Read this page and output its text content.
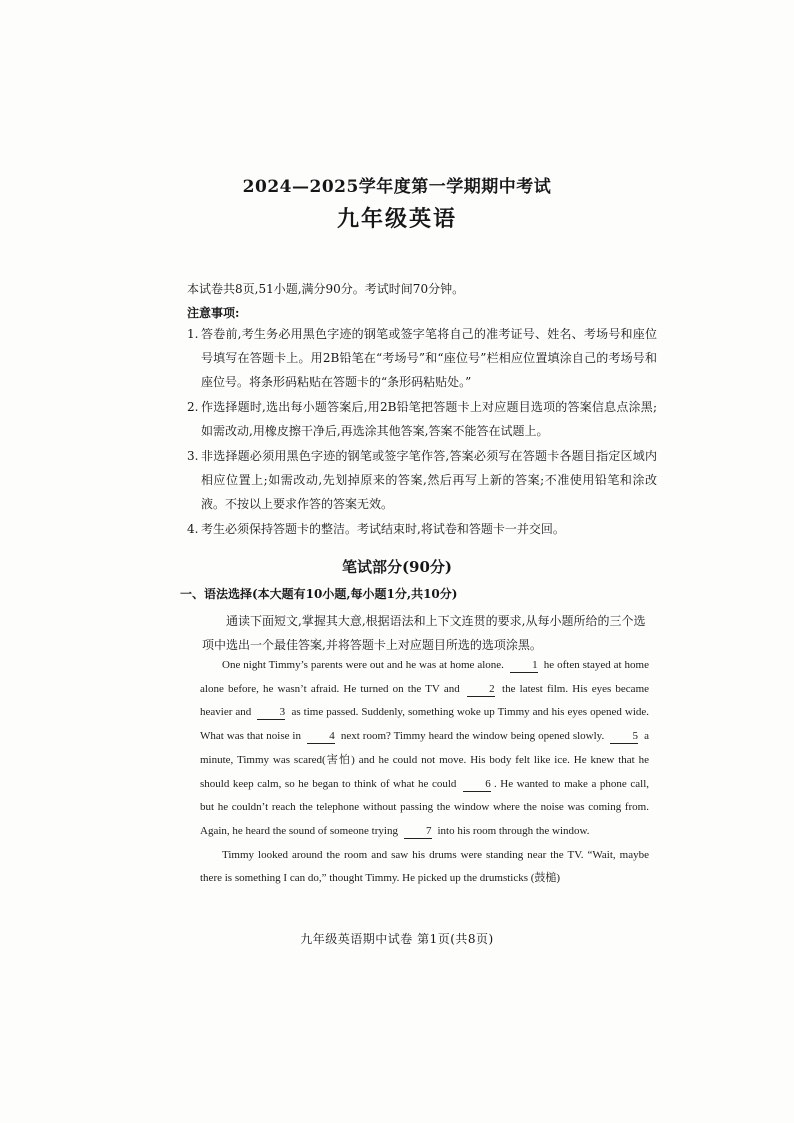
2024—2025学年度第一学期期中考试
九年级英语
本试卷共8页,51小题,满分90分。考试时间70分钟。
注意事项:
1. 答卷前,考生务必用黑色字迹的钢笔或签字笔将自己的准考证号、姓名、考场号和座位号填写在答题卡上。用2B铅笔在“考场号”和“座位号”栏相应位置填涂自己的考场号和座位号。将条形码粘贴在答题卡的“条形码粘贴处。”
2. 作选择题时,选出每小题答案后,用2B铅笔把答题卡上对应题目选项的答案信息点涂黑;如需改动,用橡皮擦干净后,再选涂其他答案,答案不能答在试题上。
3. 非选择题必须用黑色字迹的钢笔或签字笔作答,答案必须写在答题卡各题目指定区域内相应位置上;如需改动,先划掉原来的答案,然后再写上新的答案;不准使用铅笔和涂改液。不按以上要求作答的答案无效。
4. 考生必须保持答题卡的整洁。考试结束时,将试卷和答题卡一并交回。
笔试部分(90分)
一、语法选择(本大题有10小题,每小题1分,共10分)
通读下面短文,掌握其大意,根据语法和上下文连贯的要求,从每小题所给的三个选项中选出一个最佳答案,并将答题卡上对应题目所选的选项涂黑。

One night Timmy’s parents were out and he was at home alone.	1 he often stayed at home alone before, he wasn’t afraid. He turned on the TV and	2 the latest film. His eyes became heavier and	3 as time passed. Suddenly, something woke up Timmy and his eyes opened wide. What was that noise in	4 next room? Timmy heard the window being opened slowly.	5 a minute, Timmy was scared(害怕) and he could not move. His body felt like ice. He knew that he should keep calm, so he began to think of what he could	6 . He wanted to make a phone call, but he couldn’t reach the telephone without passing the window where the noise was coming from. Again, he heard the sound of someone trying	7 into his room through the window.

Timmy looked around the room and saw his drums were standing near the TV. “Wait, maybe there is something I can do,” thought Timmy. He picked up the drumsticks (鼓槌)

九年级英语期中试卷 第1页(共8页)
